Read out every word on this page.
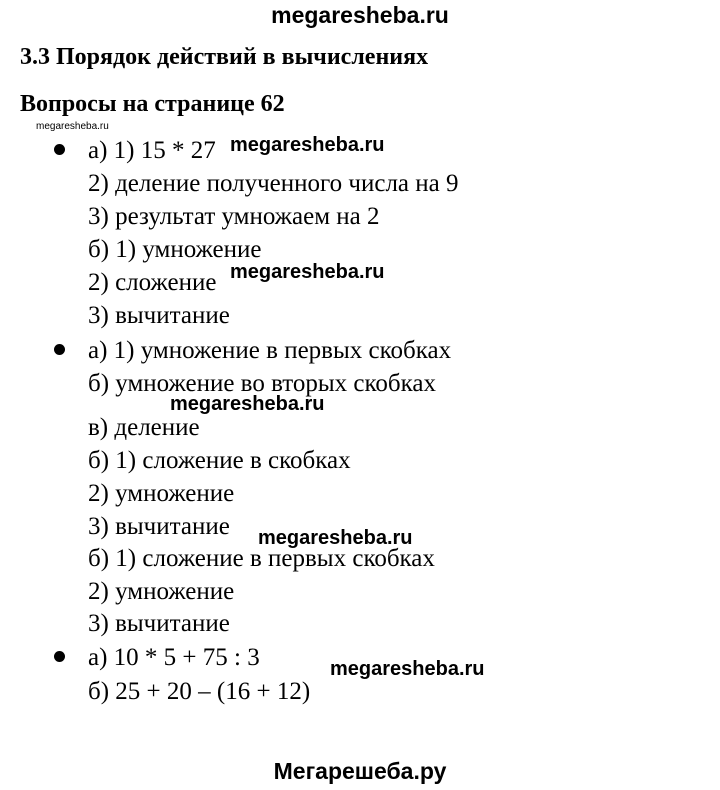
megaresheba.ru
megaresheba.ru
3.3 Порядок действий в вычислениях
Вопросы на странице 62
а) 1) 15 * 27
2) деление полученного числа на 9
3) результат умножаем на 2
б) 1) умножение
2) сложение
3) вычитание
а) 1) умножение в первых скобках
б) умножение во вторых скобках
в) деление
б) 1) сложение в скобках
2) умножение
3) вычитание
б) 1) сложение в первых скобках
2) умножение
3) вычитание
а) 10 * 5 + 75 : 3
б) 25 + 20 – (16 + 12)
megaresheba.ru
megaresheba.ru
megaresheba.ru
megaresheba.ru
megaresheba.ru
Мегарешеба.ру
